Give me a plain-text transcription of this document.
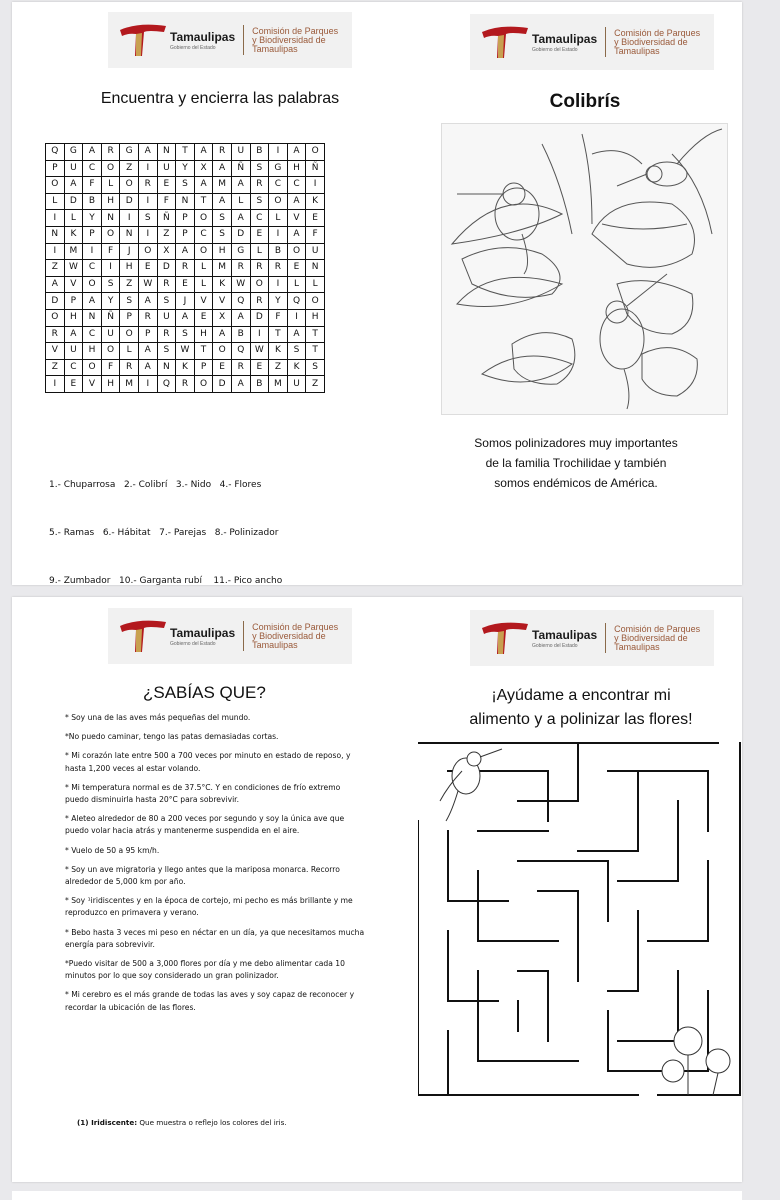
Tamaulipas
Gobierno del Estado
Comisión de Parques
y Biodiversidad de
Tamaulipas
Tamaulipas
Gobierno del Estado
Comisión de Parques
y Biodiversidad de
Tamaulipas
Tamaulipas
Gobierno del Estado
Comisión de Parques
y Biodiversidad de
Tamaulipas
Tamaulipas
Gobierno del Estado
Comisión de Parques
y Biodiversidad de
Tamaulipas
Encuentra y encierra las palabras
Q	G	A	R	G	A	N	T	A	R	U	B	I	A	O
P	U	C	O	Z	I	U	Y	X	A	Ñ	S	G	H	Ñ
O	A	F	L	O	R	E	S	A	M	A	R	C	C	I
L	D	B	H	D	I	F	N	T	A	L	S	O	A	K
I	L	Y	N	I	S	Ñ	P	O	S	A	C	L	V	E
N	K	P	O	N	I	Z	P	C	S	D	E	I	A	F
I	M	I	F	J	O	X	A	O	H	G	L	B	O	U
Z	W	C	I	H	E	D	R	L	M	R	R	R	E	N
A	V	O	S	Z	W	R	E	L	K	W	O	I	L	L
D	P	A	Y	S	A	S	J	V	V	Q	R	Y	Q	O
O	H	N	Ñ	P	R	U	A	E	X	A	D	F	I	H
R	A	C	U	O	P	R	S	H	A	B	I	T	A	T
V	U	H	O	L	A	S	W	T	O	Q	W	K	S	T
Z	C	O	F	R	A	N	K	P	E	R	E	Z	K	S
I	E	V	H	M	I	Q	R	O	D	A	B	M	U	Z

1.- Chuparrosa   2.- Colibrí   3.- Nido   4.- Flores

5.- Ramas   6.- Hábitat   7.- Parejas   8.- Polinizador

9.- Zumbador   10.- Garganta rubí    11.- Pico ancho

Colibrís
Somos polinizadores muy importantes
de la familia Trochilidae y también
somos endémicos de América.
¿SABÍAS QUE?

* Soy una de las aves más pequeñas del mundo.

*No puedo caminar, tengo las patas demasiadas cortas.

* Mi corazón late entre 500 a 700 veces por minuto en estado de reposo, y hasta 1,200 veces al estar volando.

* Mi temperatura normal es de 37.5°C. Y en condiciones de frío extremo puedo disminuirla hasta 20°C para sobrevivir.

* Aleteo alrededor de 80 a 200 veces por segundo y soy la única ave que puedo volar hacia atrás y mantenerme suspendida en el aire.

* Vuelo de 50 a 95 km/h.

* Soy un ave migratoria y llego antes que la mariposa monarca. Recorro alrededor de 5,000 km por año.

* Soy ¹iridiscentes y en la época de cortejo, mi pecho es más brillante y me reproduzco en primavera y verano.

* Bebo hasta 3 veces mi peso en néctar en un día, ya que necesitamos mucha energía para sobrevivir.

*Puedo visitar de 500 a 3,000 flores por día y me debo alimentar cada 10 minutos por lo que soy considerado un gran polinizador.

* Mi cerebro es el más grande de todas las aves y soy capaz de reconocer y recordar la ubicación de las flores.

(1) Iridiscente: Que muestra o reflejo los colores del iris.
¡Ayúdame a encontrar mi
alimento y a polinizar las flores!
